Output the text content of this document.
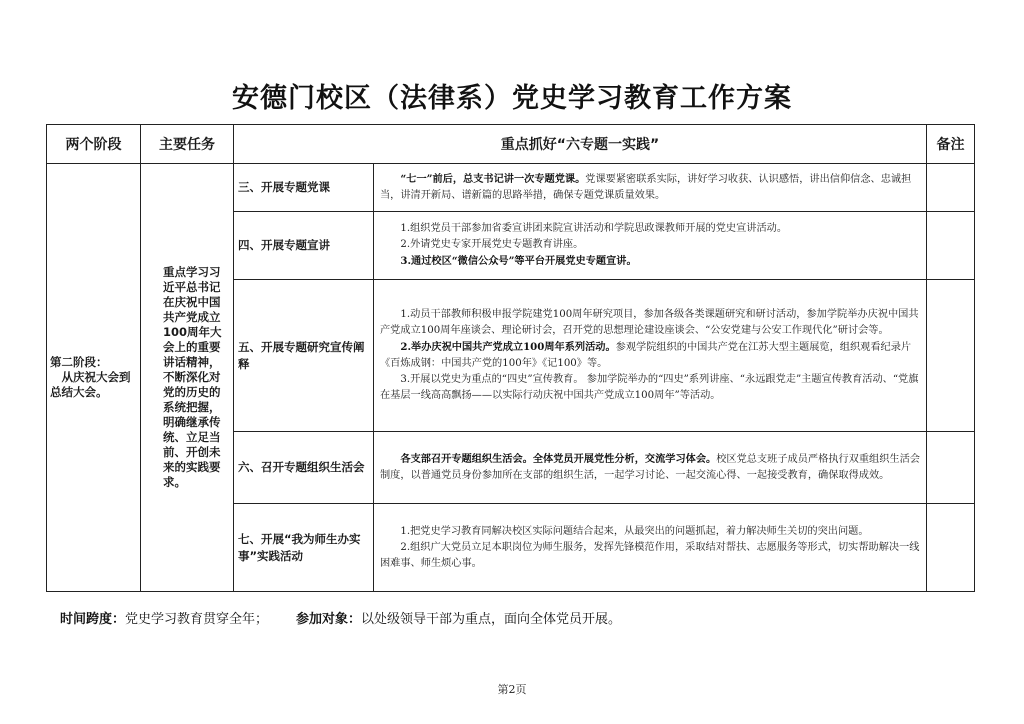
安德门校区（法律系）党史学习教育工作方案
两个阶段	主要任务	重点抓好“六专题一实践”		备注
第二阶段：
从庆祝大会到总结大会。	重点学习习近平总书记在庆祝中国共产党成立100周年大会上的重要讲话精神，不断深化对党的历史的系统把握，明确继承传统、立足当前、开创未来的实践要求。	三、开展专题党课	“七一”前后，总支书记讲一次专题党课。党课要紧密联系实际，讲好学习收获、认识感悟，讲出信仰信念、忠诚担当，讲清开新局、谱新篇的思路举措，确保专题党课质量效果。	

		四、开展专题宣讲	1.组织党员干部参加省委宣讲团来院宣讲活动和学院思政课教师开展的党史宣讲活动。

2.外请党史专家开展党史专题教育讲座。

3.通过校区“微信公众号”等平台开展党史专题宣讲。	

		五、开展专题研究宣传阐释	1.动员干部教师积极申报学院建党100周年研究项目，参加各级各类课题研究和研讨活动，参加学院举办庆祝中国共产党成立100周年座谈会、理论研讨会，召开党的思想理论建设座谈会、“公安党建与公安工作现代化”研讨会等。

2.举办庆祝中国共产党成立100周年系列活动。参观学院组织的中国共产党在江苏大型主题展览，组织观看纪录片《百炼成钢：中国共产党的100年》《记100》等。

3.开展以党史为重点的“四史”宣传教育。 参加学院举办的“四史”系列讲座、“永远跟党走”主题宣传教育活动、“党旗在基层一线高高飘扬——以实际行动庆祝中国共产党成立100周年”等活动。	

		六、召开专题组织生活会	各支部召开专题组织生活会。全体党员开展党性分析，交流学习体会。校区党总支班子成员严格执行双重组织生活会制度，以普通党员身份参加所在支部的组织生活，一起学习讨论、一起交流心得、一起接受教育，确保取得成效。	

		七、开展“我为师生办实事”实践活动	1.把党史学习教育同解决校区实际问题结合起来，从最突出的问题抓起，着力解决师生关切的突出问题。

2.组织广大党员立足本职岗位为师生服务，发挥先锋模范作用，采取结对帮扶、志愿服务等形式，切实帮助解决一线困难事、师生烦心事。	

时间跨度：党史学习教育贯穿全年； 参加对象：以处级领导干部为重点，面向全体党员开展。
第2页
